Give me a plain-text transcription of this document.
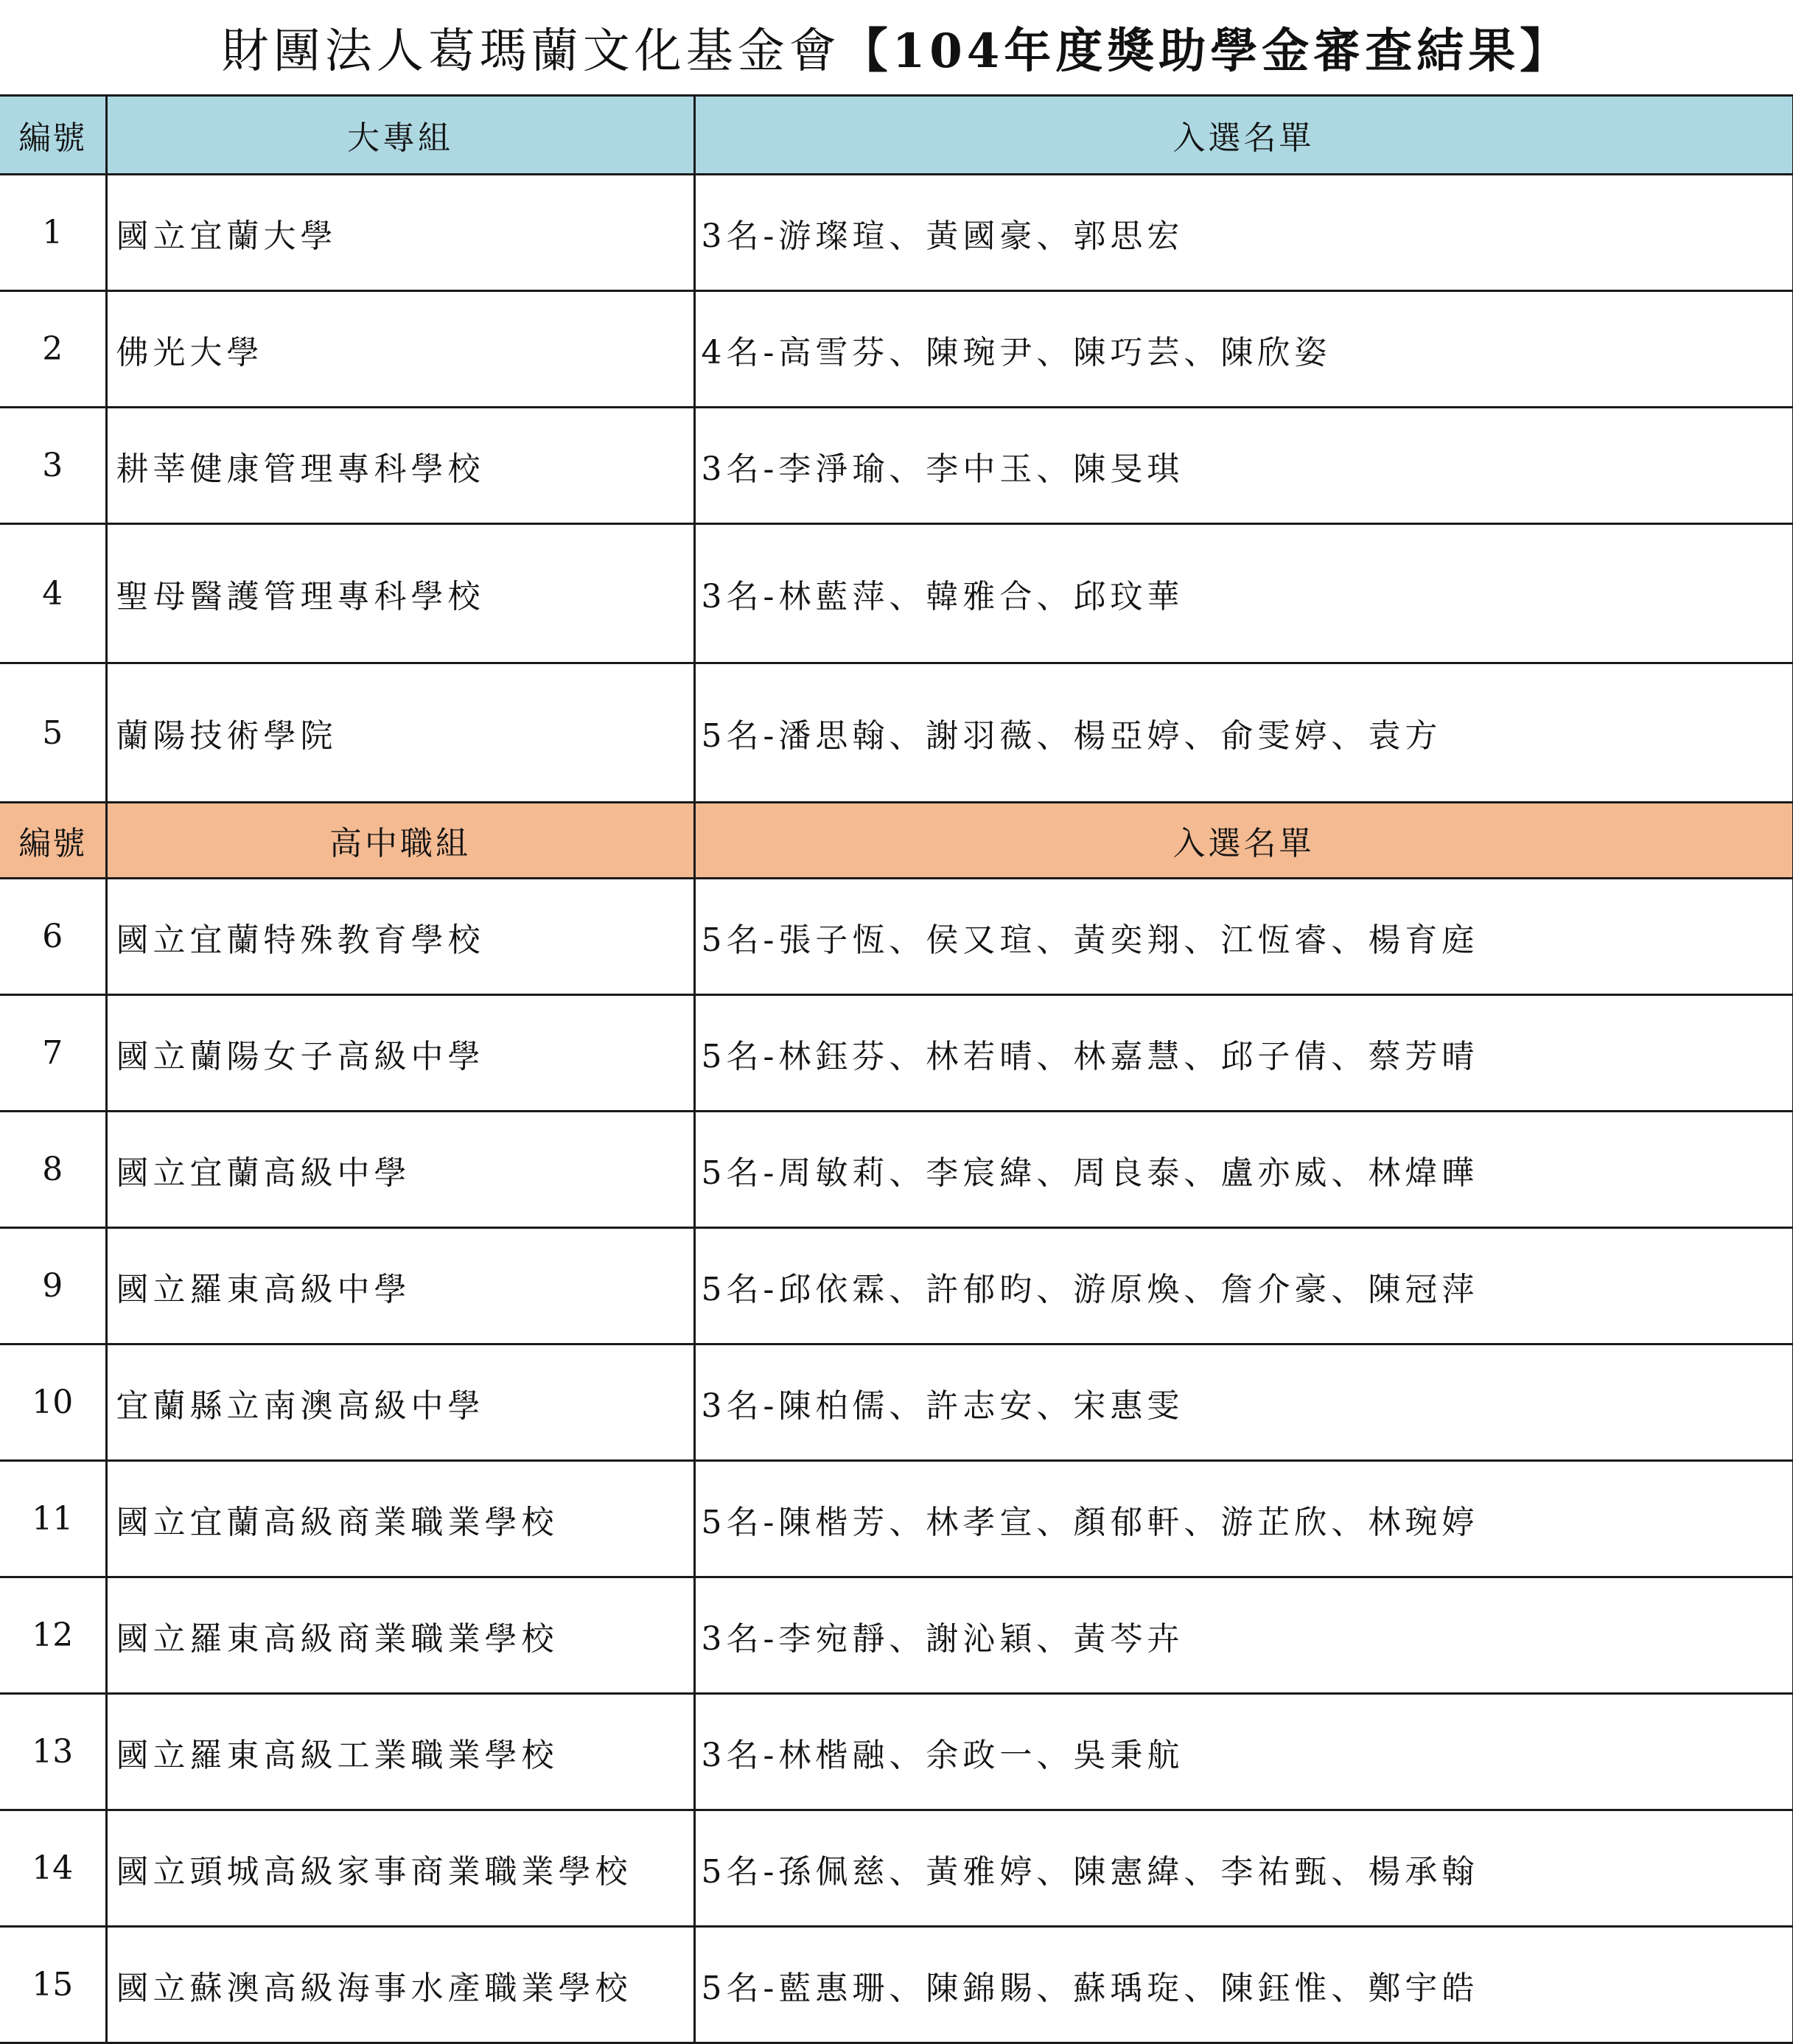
財團法人葛瑪蘭文化基金會 【104年度獎助學金審查結果】
編號	大專組	入選名單
1	國立宜蘭大學	3名-游璨瑄、黃國豪、郭思宏
2	佛光大學	4名-高雪芬、陳琬尹、陳巧芸、陳欣姿
3	耕莘健康管理專科學校	3名-李淨瑜、李中玉、陳旻琪
4	聖母醫護管理專科學校	3名-林藍萍、韓雅合、邱玟華
5	蘭陽技術學院	5名-潘思翰、謝羽薇、楊亞婷、俞雯婷、袁方
編號	高中職組	入選名單
6	國立宜蘭特殊教育學校	5名-張子恆、侯又瑄、黃奕翔、江恆睿、楊育庭
7	國立蘭陽女子高級中學	5名-林鈺芬、林若晴、林嘉慧、邱子倩、蔡芳晴
8	國立宜蘭高級中學	5名-周敏莉、李宸緯、周良泰、盧亦威、林煒曄
9	國立羅東高級中學	5名-邱依霖、許郁昀、游原煥、詹介豪、陳冠萍
10	宜蘭縣立南澳高級中學	3名-陳柏儒、許志安、宋惠雯
11	國立宜蘭高級商業職業學校	5名-陳楷芳、林孝宣、顏郁軒、游芷欣、林琬婷
12	國立羅東高級商業職業學校	3名-李宛靜、謝沁穎、黃芩卉
13	國立羅東高級工業職業學校	3名-林楷融、余政一、吳秉航
14	國立頭城高級家事商業職業學校	5名-孫佩慈、黃雅婷、陳憲緯、李祐甄、楊承翰
15	國立蘇澳高級海事水產職業學校	5名-藍惠珊、陳錦賜、蘇瑀琁、陳鈺惟、鄭宇皓
